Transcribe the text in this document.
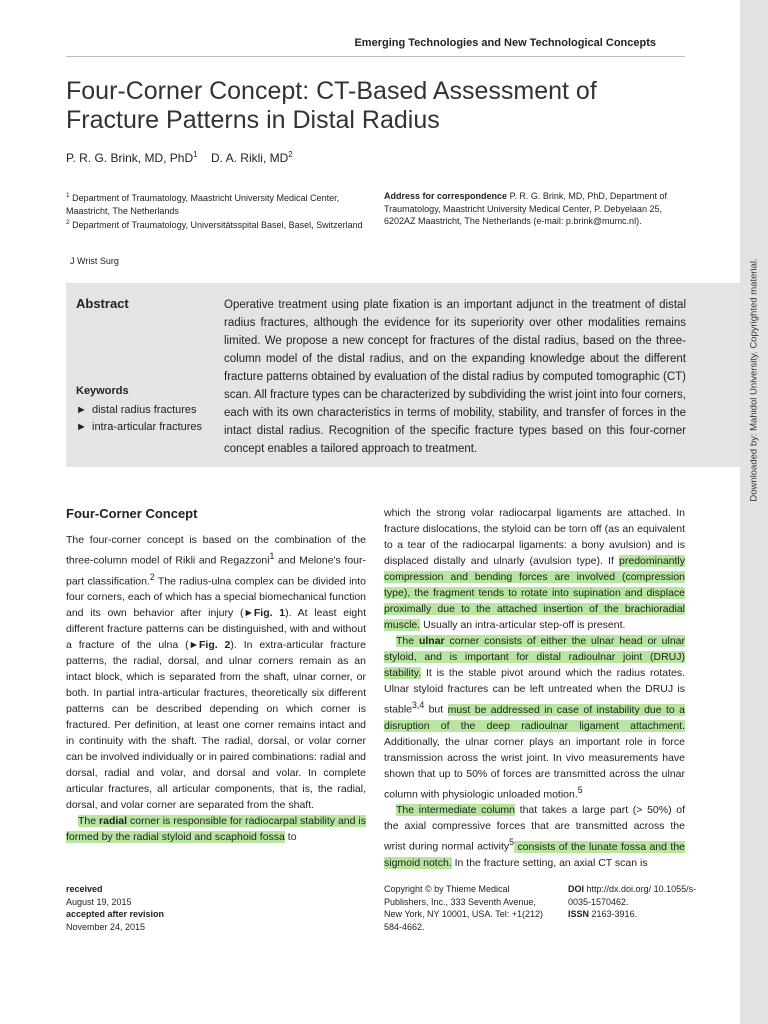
Emerging Technologies and New Technological Concepts
Four-Corner Concept: CT-Based Assessment of
Fracture Patterns in Distal Radius
P. R. G. Brink, MD, PhD$^1$ D. A. Rikli, $MD^2$
$^1$ Department of Traumatology, Maastricht University Medical Center, Maastricht, The Netherlands
$^2$ Department of Traumatology, Universitätsspital Basel, Basel, Switzerland
Address for correspondence P. R. G. Brink, MD, PhD, Department of Traumatology, Maastricht University Medical Center, P. Debyelaan 25, 6202AZ Maastricht, The Netherlands (e-mail: p.brink@mumc.nl).
J Wrist Surg
Abstract
Keywords
► distal radius fractures
► intra-articular fractures
Operative treatment using plate fixation is an important adjunct in the treatment of distal radius fractures, although the evidence for its superiority over other modalities remains limited. We propose a new concept for fractures of the distal radius, based on the three-column model of the distal radius, and on the expanding knowledge about the different fracture patterns obtained by evaluation of the distal radius by computed tomographic (CT) scan. All fracture types can be characterized by subdividing the wrist joint into four corners, each with its own characteristics in terms of mobility, stability, and transfer of forces in the intact distal radius. Recognition of the specific fracture types based on this four-corner concept enables a tailored approach to treatment.
Four-Corner Concept

The four-corner concept is based on the combination of the three-column model of Rikli and Regazzoni$^1$ and Melone's four-part classification.$^2$ The radius-ulna complex can be divided into four corners, each of which has a special biomechanical function and its own behavior after injury (►Fig. 1). At least eight different fracture patterns can be distinguished, with and without a fracture of the ulna (►Fig. 2). In extra-articular fracture patterns, the radial, dorsal, and ulnar corners remain as an intact block, which is separated from the shaft, ulnar corner, or both. In partial intra-articular fractures, theoretically six different patterns can be described depending on which corner is fractured. Per definition, at least one corner remains intact and in continuity with the shaft. The radial, dorsal, or volar corner can be involved individually or in paired combinations: radial and dorsal, radial and volar, and dorsal and volar. In complete articular fractures, all articular components, that is, the radial, dorsal, and volar corner are separated from the shaft.

The radial corner is responsible for radiocarpal stability and is formed by the radial styloid and scaphoid fossa to

which the strong volar radiocarpal ligaments are attached. In fracture dislocations, the styloid can be torn off (as an equivalent to a tear of the radiocarpal ligaments: a bony avulsion) and is displaced distally and ulnarly (avulsion type). If predominantly compression and bending forces are involved (compression type), the fragment tends to rotate into supination and displace proximally due to the attached insertion of the brachioradial muscle. Usually an intra-articular step-off is present.

The ulnar corner consists of either the ulnar head or ulnar styloid, and is important for distal radioulnar joint (DRUJ) stability. It is the stable pivot around which the radius rotates. Ulnar styloid fractures can be left untreated when the DRUJ is stable$^{3,4}$ but must be addressed in case of instability due to a disruption of the deep radioulnar ligament attachment. Additionally, the ulnar corner plays an important role in force transmission across the wrist joint. In vivo measurements have shown that up to 50% of forces are transmitted across the ulnar column with physiologic unloaded motion.$^5$

The intermediate column that takes a large part (> 50%) of the axial compressive forces that are transmitted across the wrist during normal activity$^5$ consists of the lunate fossa and the sigmoid notch. In the fracture setting, an axial CT scan is

received
August 19, 2015
accepted after revision
November 24, 2015
Copyright © by Thieme Medical Publishers, Inc., 333 Seventh Avenue, New York, NY 10001, USA. Tel: +1(212) 584-4662.
DOI http://dx.doi.org/ 10.1055/s-0035-1570462.
ISSN 2163-3916.
Downloaded by: Mahidol University. Copyrighted material.
